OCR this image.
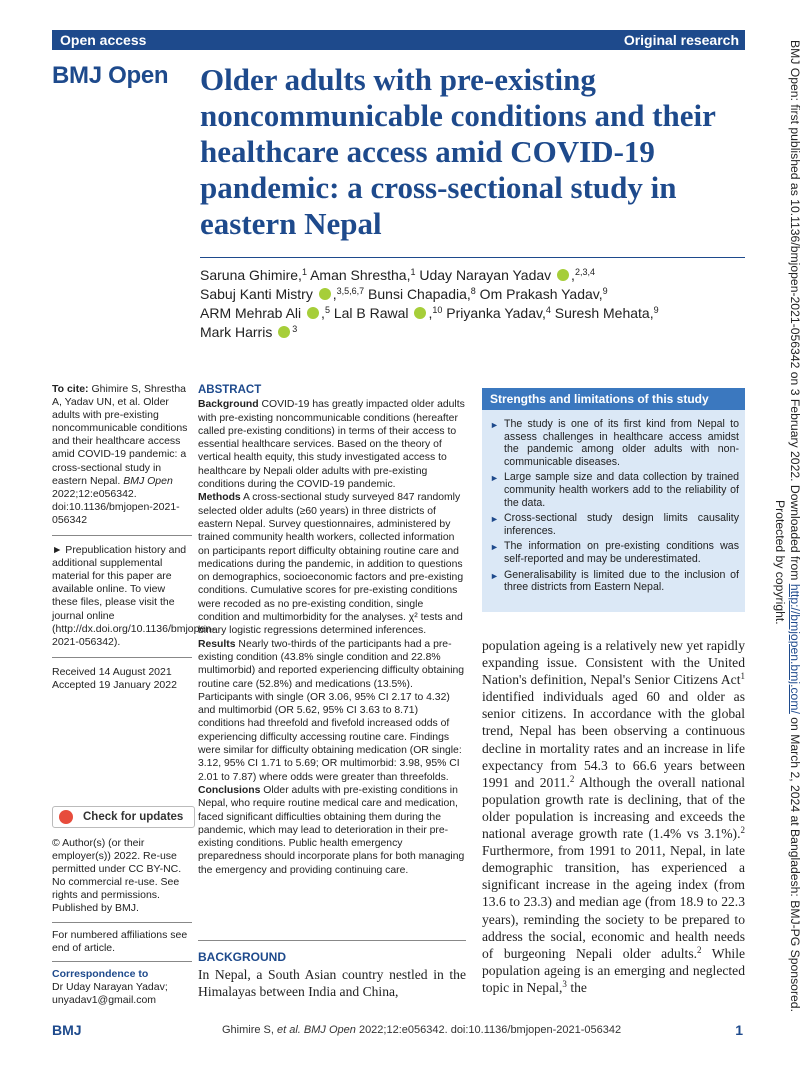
Open access	Original research
BMJ Open Older adults with pre-existing noncommunicable conditions and their healthcare access amid COVID-19 pandemic: a cross-sectional study in eastern Nepal
Saruna Ghimire,$^1$ Aman Shrestha,$^1$ Uday Narayan Yadav ,$^{2,3,4}$
Sabuj Kanti Mistry ,$^{3,5,6,7}$ Bunsi Chapadia,$^8$ Om Prakash Yadav,$^9$
ARM Mehrab Ali ,$^5$ Lal B Rawal ,$^{10}$ Priyanka Yadav,$^4$ Suresh Mehata,$^9$
Mark Harris $^3$
To cite: Ghimire S, Shrestha A, Yadav UN, et al. Older adults with pre-existing noncommunicable conditions and their healthcare access amid COVID-19 pandemic: a cross-sectional study in eastern Nepal. BMJ Open 2022;12:e056342. doi:10.1136/bmjopen-2021-056342
► Prepublication history and additional supplemental material for this paper are available online. To view these files, please visit the journal online (http://dx.doi.org/10.1136/bmjopen-2021-056342).
Received 14 August 2021
Accepted 19 January 2022
Check for updates
© Author(s) (or their employer(s)) 2022. Re-use permitted under CC BY-NC. No commercial re-use. See rights and permissions. Published by BMJ.
For numbered affiliations see end of article.
Correspondence to
Dr Uday Narayan Yadav; unyadav1@gmail.com
ABSTRACT

Background COVID-19 has greatly impacted older adults with pre-existing noncommunicable conditions (hereafter called pre-existing conditions) in terms of their access to essential healthcare services. Based on the theory of vertical health equity, this study investigated access to healthcare by Nepali older adults with pre-existing conditions during the COVID-19 pandemic.

Methods A cross-sectional study surveyed 847 randomly selected older adults (≥60 years) in three districts of eastern Nepal. Survey questionnaires, administered by trained community health workers, collected information on participants report difficulty obtaining routine care and medications during the pandemic, in addition to questions on demographics, socioeconomic factors and pre-existing conditions. Cumulative scores for pre-existing conditions were recoded as no pre-existing condition, single condition and multimorbidity for the analyses. χ² tests and binary logistic regressions determined inferences.

Results Nearly two-thirds of the participants had a pre-existing condition (43.8% single condition and 22.8% multimorbid) and reported experiencing difficulty obtaining routine care (52.8%) and medications (13.5%). Participants with single (OR 3.06, 95% CI 2.17 to 4.32) and multimorbid (OR 5.62, 95% CI 3.63 to 8.71) conditions had threefold and fivefold increased odds of experiencing difficulty accessing routine care. Findings were similar for difficulty obtaining medication (OR single: 3.12, 95% CI 1.71 to 5.69; OR multimorbid: 3.98, 95% CI 2.01 to 7.87) where odds were greater than threefolds.

Conclusions Older adults with pre-existing conditions in Nepal, who require routine medical care and medication, faced significant difficulties obtaining them during the pandemic, which may lead to deterioration in their pre-existing conditions. Public health emergency preparedness should incorporate plans for both managing the emergency and providing continuing care.

BACKGROUND
In Nepal, a South Asian country nestled in the Himalayas between India and China,
Strengths and limitations of this study
► The study is one of its first kind from Nepal to assess challenges in healthcare access amidst the pandemic among older adults with non-communicable diseases.
► Large sample size and data collection by trained community health workers add to the reliability of the data.
► Cross-sectional study design limits causality inferences.
► The information on pre-existing conditions was self-reported and may be underestimated.
► Generalisability is limited due to the inclusion of three districts from Eastern Nepal.
population ageing is a relatively new yet rapidly expanding issue. Consistent with the United Nation's definition, Nepal's Senior Citizens Act$^1$ identified individuals aged 60 and older as senior citizens. In accordance with the global trend, Nepal has been observing a continuous decline in mortality rates and an increase in life expectancy from 54.3 to 66.6 years between 1991 and 2011.$^2$ Although the overall national population growth rate is declining, that of the older population is increasing and exceeds the national average growth rate (1.4% vs 3.1%).$^2$ Furthermore, from 1991 to 2011, Nepal, in late demographic transition, has experienced a significant increase in the ageing index (from 13.6 to 23.3) and median age (from 18.9 to 22.3 years), reminding the society to be prepared to address the social, economic and health needs of burgeoning Nepali older adults.$^2$ While population ageing is an emerging and neglected topic in Nepal,$^3$ the
BMJ	Ghimire S, et al. BMJ Open 2022;12:e056342. doi:10.1136/bmjopen-2021-056342	1
BMJ Open: first published as 10.1136/bmjopen-2021-056342 on 3 February 2022. Downloaded from http://bmjopen.bmj.com/ on March 2, 2024 at Bangladesh: BMJ-PG Sponsored.
Protected by copyright.
